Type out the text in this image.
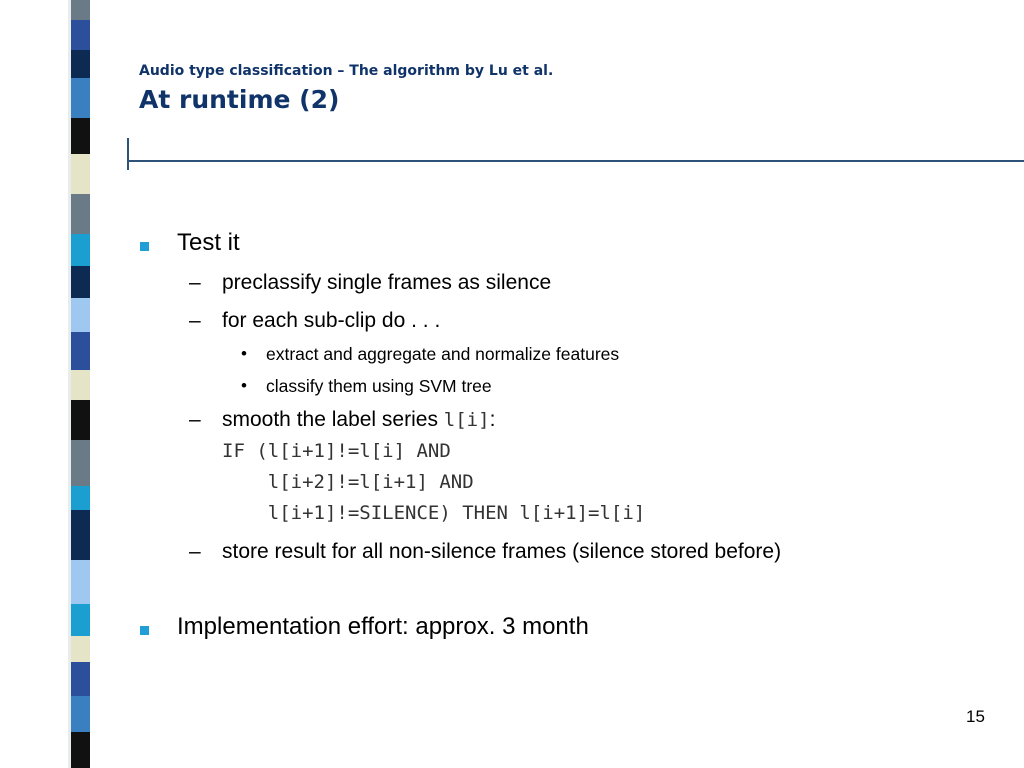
Audio type classification – The algorithm by Lu et al.
At runtime (2)
Test it
– preclassify single frames as silence
– for each sub-clip do . . .
• extract and aggregate and normalize features
• classify them using SVM tree
– smooth the label series l[i]:
IF (l[i+1]!=l[i] AND
l[i+2]!=l[i+1] AND
l[i+1]!=SILENCE) THEN l[i+1]=l[i]
– store result for all non-silence frames (silence stored before)
Implementation effort: approx. 3 month
15
